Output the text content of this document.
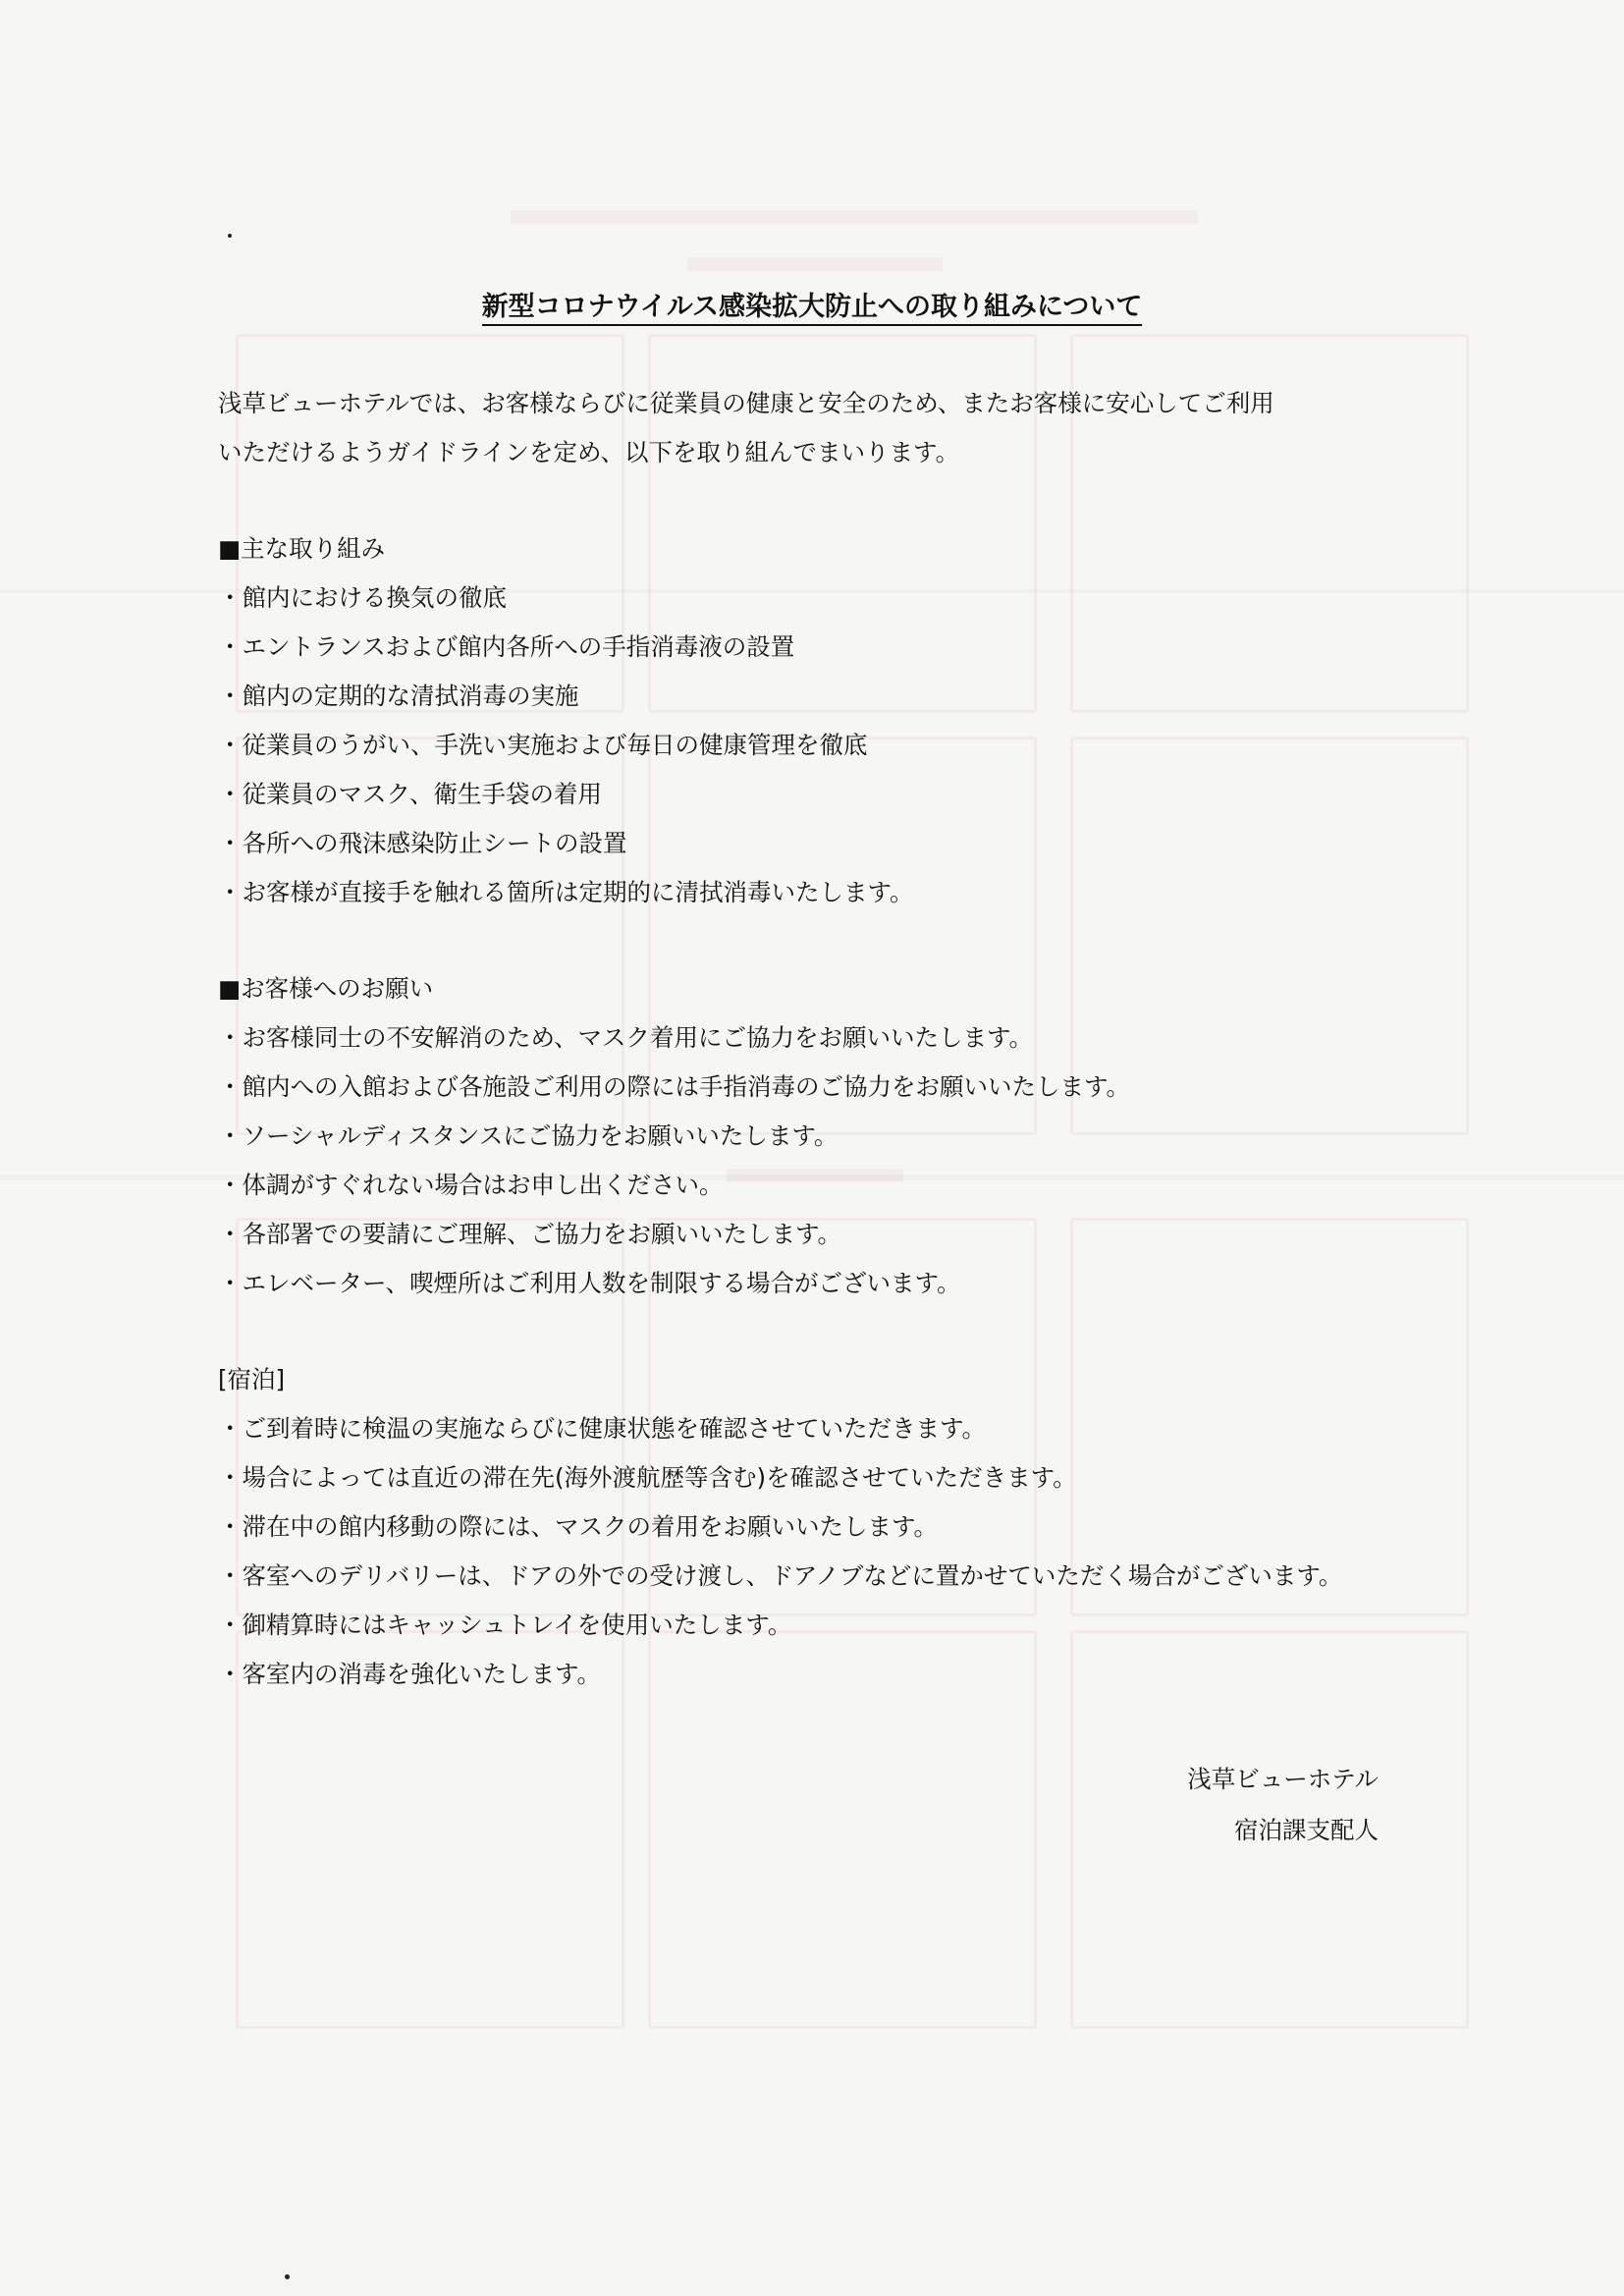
新型コロナウイルス感染拡大防止への取り組みについて
浅草ビューホテルでは、お客様ならびに従業員の健康と安全のため、またお客様に安心してご利用
いただけるようガイドラインを定め、以下を取り組んでまいります。
■主な取り組み
・館内における換気の徹底
・エントランスおよび館内各所への手指消毒液の設置
・館内の定期的な清拭消毒の実施
・従業員のうがい、手洗い実施および毎日の健康管理を徹底
・従業員のマスク、衛生手袋の着用
・各所への飛沫感染防止シートの設置
・お客様が直接手を触れる箇所は定期的に清拭消毒いたします。
■お客様へのお願い
・お客様同士の不安解消のため、マスク着用にご協力をお願いいたします。
・館内への入館および各施設ご利用の際には手指消毒のご協力をお願いいたします。
・ソーシャルディスタンスにご協力をお願いいたします。
・体調がすぐれない場合はお申し出ください。
・各部署での要請にご理解、ご協力をお願いいたします。
・エレベーター、喫煙所はご利用人数を制限する場合がございます。
[宿泊]
・ご到着時に検温の実施ならびに健康状態を確認させていただきます。
・場合によっては直近の滞在先(海外渡航歴等含む)を確認させていただきます。
・滞在中の館内移動の際には、マスクの着用をお願いいたします。
・客室へのデリバリーは、ドアの外での受け渡し、ドアノブなどに置かせていただく場合がございます。
・御精算時にはキャッシュトレイを使用いたします。
・客室内の消毒を強化いたします。
浅草ビューホテル
宿泊課支配人
